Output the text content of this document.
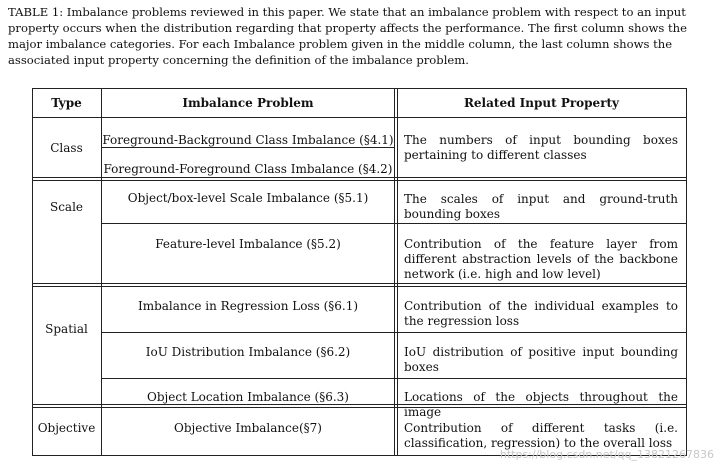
TABLE 1: Imbalance problems reviewed in this paper. We state that an imbalance problem with respect to an input property occurs when the distribution regarding that property affects the performance. The first column shows the major imbalance categories. For each Imbalance problem given in the middle column, the last column shows the associated input property concerning the definition of the imbalance problem.

Type	Imbalance Problem	Related Input Property
Class
Scale
Spatial
Objective
Foreground-Background Class Imbalance (§4.1)
Foreground-Foreground Class Imbalance (§4.2)
Object/box-level Scale Imbalance (§5.1)
Feature-level Imbalance (§5.2)
Imbalance in Regression Loss (§6.1)
IoU Distribution Imbalance (§6.2)
Object Location Imbalance (§6.3)
Objective Imbalance(§7)
The numbers of input bounding boxes pertaining to different classes
The scales of input and ground-truth bounding boxes
Contribution of the feature layer from different abstraction levels of the backbone network (i.e. high and low level)
Contribution of the individual examples to the regression loss
IoU distribution of positive input bounding boxes
Locations of the objects throughout the image
Contribution of different tasks (i.e. classification, regression) to the overall loss
https://blog.csdn.net/qq_13821267836
